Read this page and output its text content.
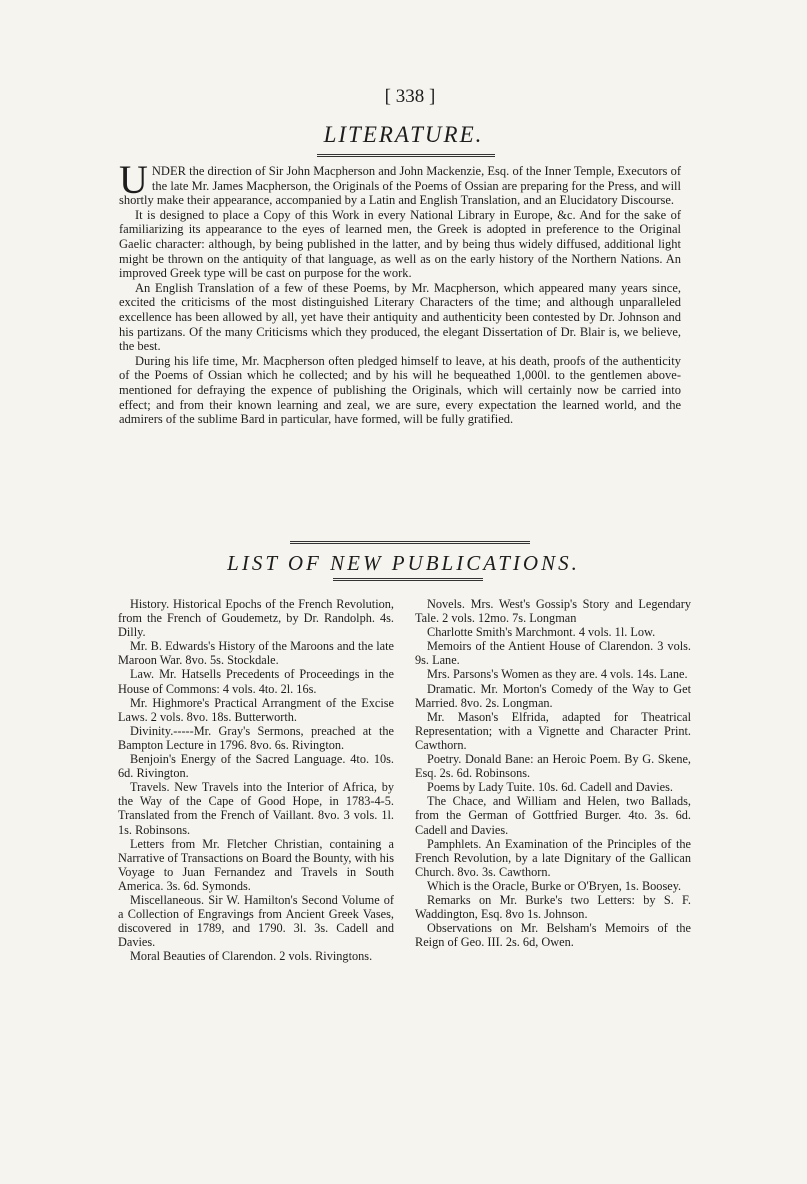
[ 338 ]
LITERATURE.

UNDER the direction of Sir John Macpherson and John Mackenzie, Esq. of the Inner Temple, Executors of the late Mr. James Macpherson, the Originals of the Poems of Ossian are preparing for the Press, and will shortly make their appearance, accompanied by a Latin and English Translation, and an Elucidatory Discourse.

It is designed to place a Copy of this Work in every National Library in Europe, &c. And for the sake of familiarizing its appearance to the eyes of learned men, the Greek is adopted in preference to the Original Gaelic character: although, by being published in the latter, and by being thus widely diffused, additional light might be thrown on the antiquity of that language, as well as on the early history of the Northern Nations. An improved Greek type will be cast on purpose for the work.

An English Translation of a few of these Poems, by Mr. Macpherson, which appeared many years since, excited the criticisms of the most distinguished Literary Characters of the time; and although unparalleled excellence has been allowed by all, yet have their antiquity and authenticity been contested by Dr. Johnson and his partizans. Of the many Criticisms which they produced, the elegant Dissertation of Dr. Blair is, we believe, the best.

During his life time, Mr. Macpherson often pledged himself to leave, at his death, proofs of the authenticity of the Poems of Ossian which he collected; and by his will he bequeathed 1,000l. to the gentlemen above-mentioned for defraying the expence of publishing the Originals, which will certainly now be carried into effect; and from their known learning and zeal, we are sure, every expectation the learned world, and the admirers of the sublime Bard in particular, have formed, will be fully gratified.

LIST OF NEW PUBLICATIONS.

History. Historical Epochs of the French Revolution, from the French of Goudemetz, by Dr. Randolph. 4s. Dilly.

Mr. B. Edwards's History of the Maroons and the late Maroon War. 8vo. 5s. Stockdale.

Law. Mr. Hatsells Precedents of Proceedings in the House of Commons: 4 vols. 4to. 2l. 16s.

Mr. Highmore's Practical Arrangment of the Excise Laws. 2 vols. 8vo. 18s. Butterworth.

Divinity.-----Mr. Gray's Sermons, preached at the Bampton Lecture in 1796. 8vo. 6s. Rivington.

Benjoin's Energy of the Sacred Language. 4to. 10s. 6d. Rivington.

Travels. New Travels into the Interior of Africa, by the Way of the Cape of Good Hope, in 1783-4-5. Translated from the French of Vaillant. 8vo. 3 vols. 1l. 1s. Robinsons.

Letters from Mr. Fletcher Christian, containing a Narrative of Transactions on Board the Bounty, with his Voyage to Juan Fernandez and Travels in South America. 3s. 6d. Symonds.

Miscellaneous. Sir W. Hamilton's Second Volume of a Collection of Engravings from Ancient Greek Vases, discovered in 1789, and 1790. 3l. 3s. Cadell and Davies.

Moral Beauties of Clarendon. 2 vols. Rivingtons.

Novels. Mrs. West's Gossip's Story and Legendary Tale. 2 vols. 12mo. 7s. Longman

Charlotte Smith's Marchmont. 4 vols. 1l. Low.

Memoirs of the Antient House of Clarendon. 3 vols. 9s. Lane.

Mrs. Parsons's Women as they are. 4 vols. 14s. Lane.

Dramatic. Mr. Morton's Comedy of the Way to Get Married. 8vo. 2s. Longman.

Mr. Mason's Elfrida, adapted for Theatrical Representation; with a Vignette and Character Print. Cawthorn.

Poetry. Donald Bane: an Heroic Poem. By G. Skene, Esq. 2s. 6d. Robinsons.

Poems by Lady Tuite. 10s. 6d. Cadell and Davies.

The Chace, and William and Helen, two Ballads, from the German of Gottfried Burger. 4to. 3s. 6d. Cadell and Davies.

Pamphlets. An Examination of the Principles of the French Revolution, by a late Dignitary of the Gallican Church. 8vo. 3s. Cawthorn.

Which is the Oracle, Burke or O'Bryen, 1s. Boosey.

Remarks on Mr. Burke's two Letters: by S. F. Waddington, Esq. 8vo 1s. Johnson.

Observations on Mr. Belsham's Memoirs of the Reign of Geo. III. 2s. 6d, Owen.
